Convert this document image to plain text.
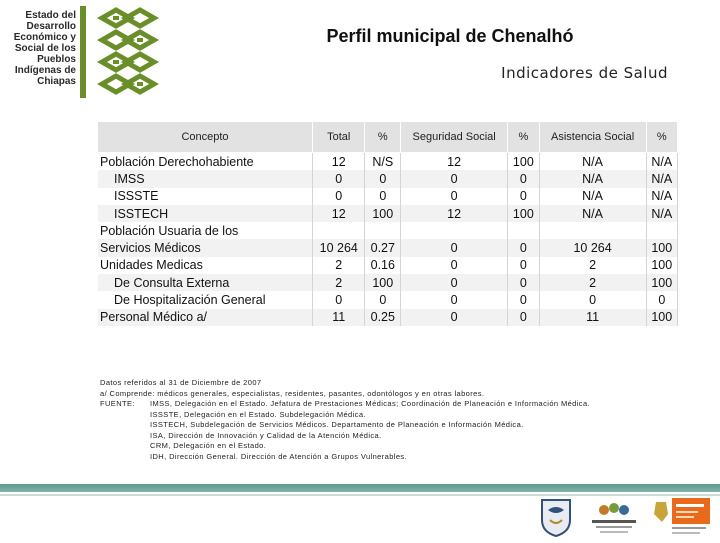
Estado del
Desarrollo
Económico y
Social de los
Pueblos
Indígenas de
Chiapas
Perfil municipal de Chenalhó
Indicadores de Salud
Concepto	Total	%	Seguridad Social	%	Asistencia Social	%
Población Derechohabiente	12	N/S	12	100	N/A	N/A
IMSS	0	0	0	0	N/A	N/A
ISSSTE	0	0	0	0	N/A	N/A
ISSTECH	12	100	12	100	N/A	N/A
Población Usuaria de los						
Servicios Médicos	10 264	0.27	0	0	10 264	100
Unidades Medicas	2	0.16	0	0	2	100
De Consulta Externa	2	100	0	0	2	100
De Hospitalización General	0	0	0	0	0	0
Personal Médico a/	11	0.25	0	0	11	100
Datos referidos al 31 de Diciembre de 2007
a/ Comprende: médicos generales, especialistas, residentes, pasantes, odontólogos y en otras labores.
FUENTE:	IMSS, Delegación en el Estado. Jefatura de Prestaciones Médicas; Coordinación de Planeación e Información Médica.
ISSSTE, Delegación en el Estado. Subdelegación Médica.
ISSTECH, Subdelegación de Servicios Médicos. Departamento de Planeación e Información Médica.
ISA, Dirección de Innovación y Calidad de la Atención Médica.
CRM, Delegación en el Estado.
IDH, Dirección General. Dirección de Atención a Grupos Vulnerables.
